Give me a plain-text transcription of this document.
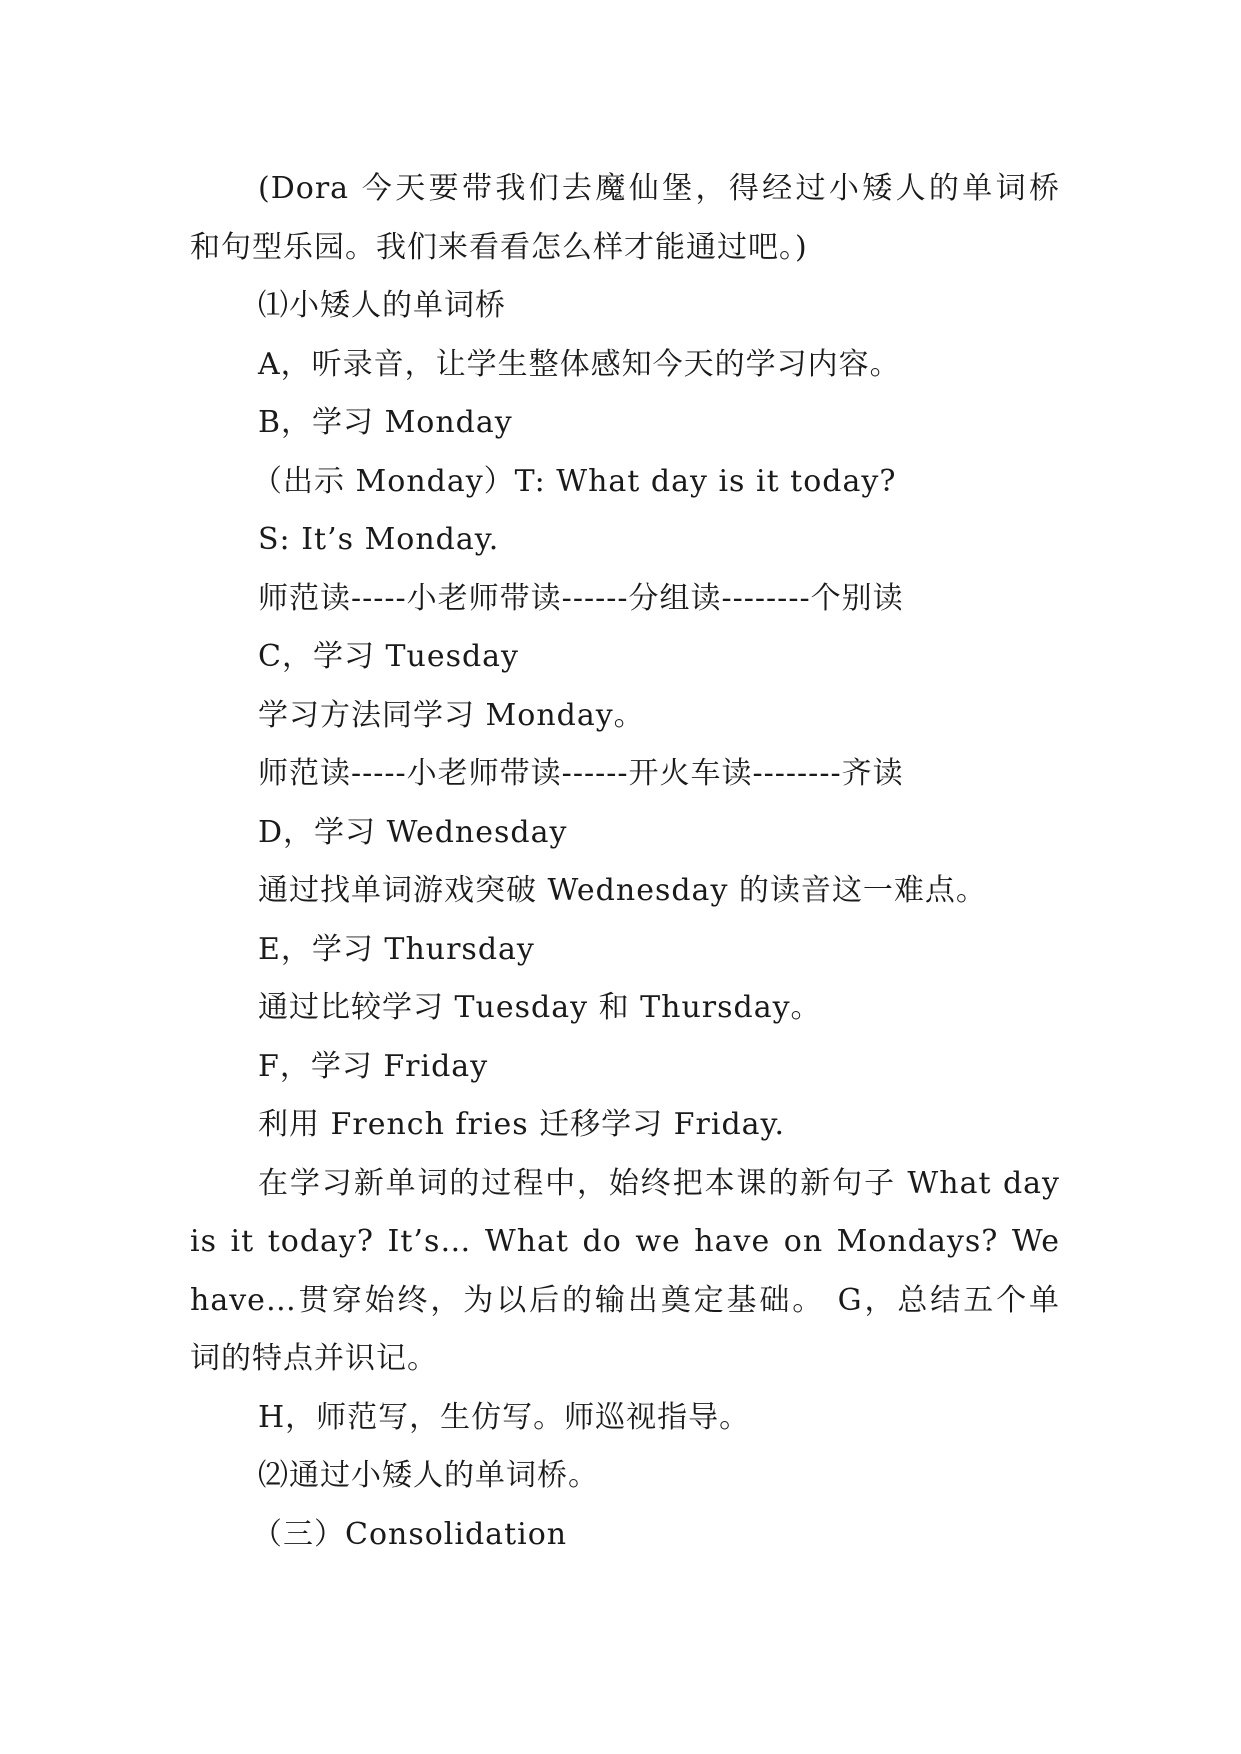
(Dora 今天要带我们去魔仙堡，得经过小矮人的单词桥
和句型乐园。我们来看看怎么样才能通过吧。)
⑴小矮人的单词桥
A，听录音，让学生整体感知今天的学习内容。
B，学习 Monday
（出示 Monday）T: What day is it today?
S: It’s Monday.
师范读-----小老师带读------分组读--------个别读
C，学习 Tuesday
学习方法同学习 Monday。
师范读-----小老师带读------开火车读--------齐读
D，学习 Wednesday
通过找单词游戏突破 Wednesday 的读音这一难点。
E，学习 Thursday
通过比较学习 Tuesday 和 Thursday。
F，学习 Friday
利用 French fries 迁移学习 Friday.
在学习新单词的过程中，始终把本课的新句子 What day
is it today? It’s… What do we have on Mondays? We
have…贯穿始终，为以后的输出奠定基础。 G，总结五个单
词的特点并识记。
H，师范写，生仿写。师巡视指导。
⑵通过小矮人的单词桥。
（三）Consolidation
